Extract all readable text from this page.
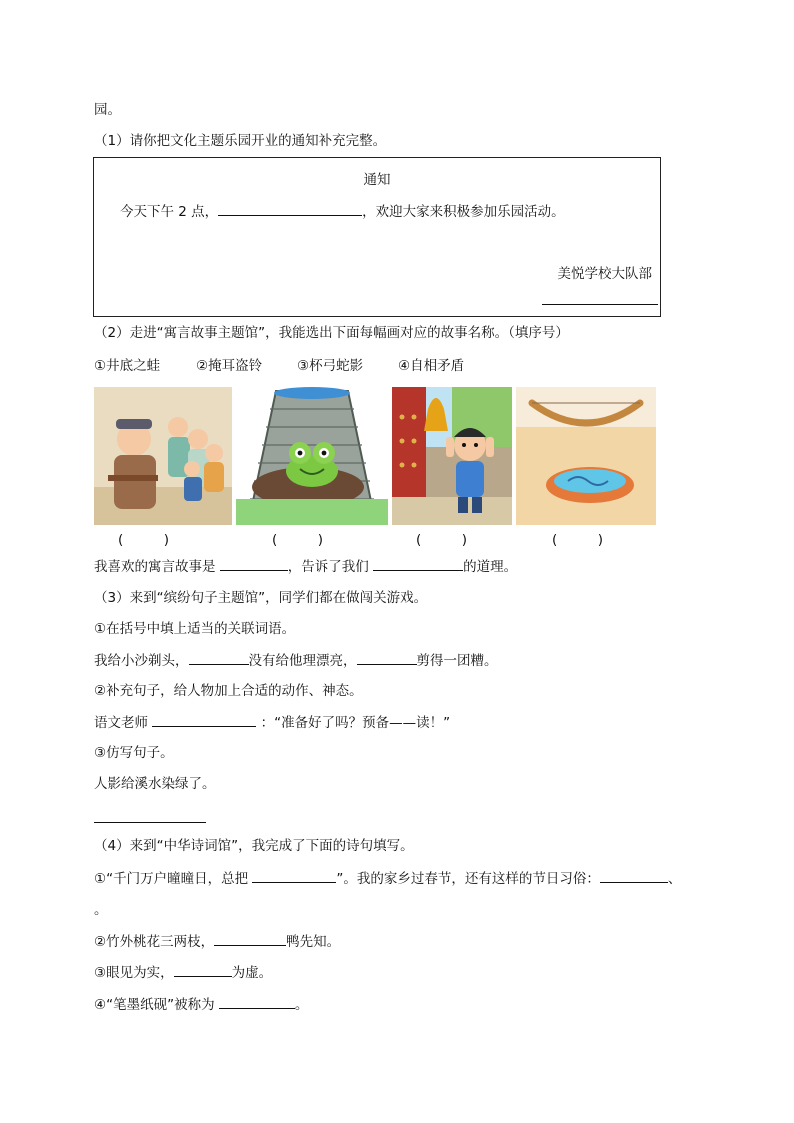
园。
（1）请你把文化主题乐园开业的通知补充完整。
通知
今天下午 2 点，	，欢迎大家来积极参加乐园活动。
美悦学校大队部
（2）走进“寓言故事主题馆”，我能选出下面每幅画对应的故事名称。（填序号）
①井底之蛙	②掩耳盗铃	③杯弓蛇影	④自相矛盾
(　　　)	(　　　)	(　　　)	(　　　)
我喜欢的寓言故事是	，告诉了我们	的道理。
（3）来到“缤纷句子主题馆”，同学们都在做闯关游戏。
①在括号中填上适当的关联词语。
我给小沙剃头，	没有给他理漂亮，	剪得一团糟。
②补充句子，给人物加上合适的动作、神态。
语文老师	：“准备好了吗？预备——读！”
③仿写句子。
人影给溪水染绿了。
（4）来到“中华诗词馆”，我完成了下面的诗句填写。
①“千门万户曈曈日，总把	”。我的家乡过春节，还有这样的节日习俗：	、
。
②竹外桃花三两枝，	鸭先知。
③眼见为实，	为虚。
④“笔墨纸砚”被称为	。
